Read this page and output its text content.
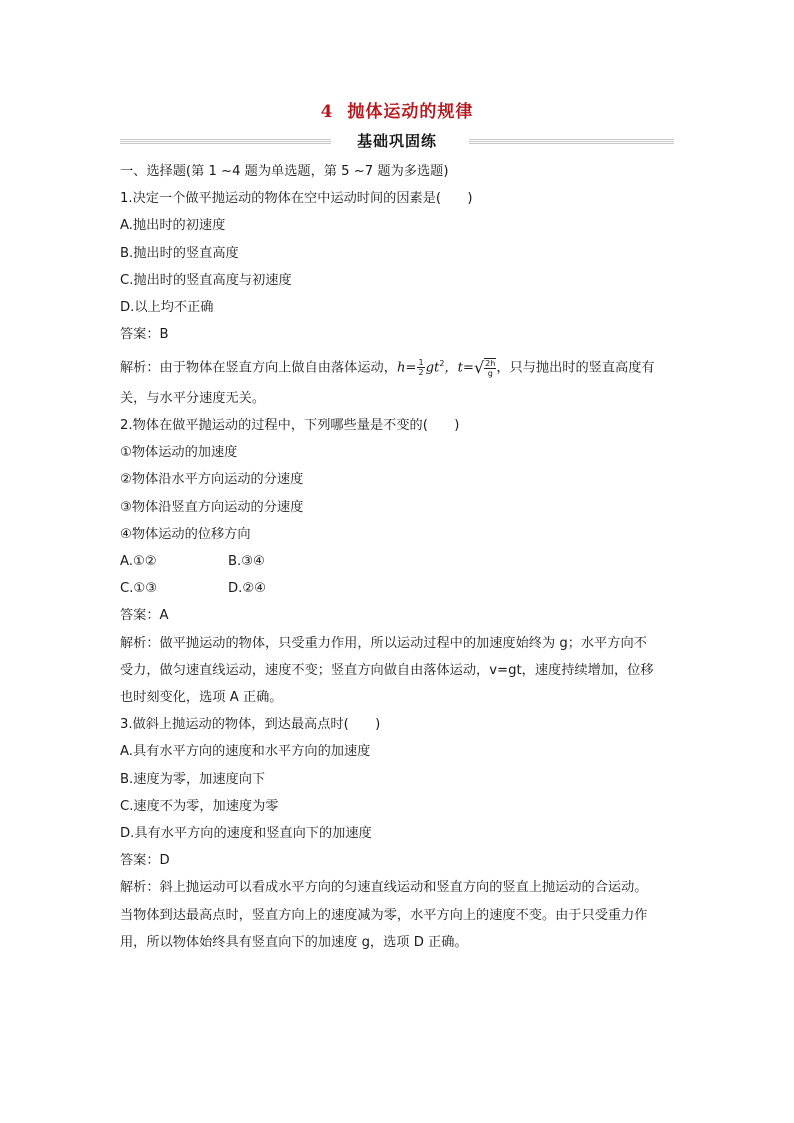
4 抛体运动的规律
基础巩固练
一、选择题(第 1 ~4 题为单选题，第 5 ~7 题为多选题)
1.决定一个做平抛运动的物体在空中运动时间的因素是(　　)
A.抛出时的初速度
B.抛出时的竖直高度
C.抛出时的竖直高度与初速度
D.以上均不正确
答案：B
解析：由于物体在竖直方向上做自由落体运动，$h= \frac{1}{2} gt^2$，$t=√ \frac{2h}{g}$ ，只与抛出时的竖直高度有
关，与水平分速度无关。
2.物体在做平抛运动的过程中，下列哪些量是不变的(　　)
①物体运动的加速度
②物体沿水平方向运动的分速度
③物体沿竖直方向运动的分速度
④物体运动的位移方向
A.①②	B.③④
C.①③	D.②④
答案：A
解析：做平抛运动的物体，只受重力作用，所以运动过程中的加速度始终为 g；水平方向不
受力，做匀速直线运动，速度不变；竖直方向做自由落体运动，v=gt，速度持续增加，位移
也时刻变化，选项 A 正确。
3.做斜上抛运动的物体，到达最高点时(　　)
A.具有水平方向的速度和水平方向的加速度
B.速度为零，加速度向下
C.速度不为零，加速度为零
D.具有水平方向的速度和竖直向下的加速度
答案：D
解析：斜上抛运动可以看成水平方向的匀速直线运动和竖直方向的竖直上抛运动的合运动。
当物体到达最高点时，竖直方向上的速度减为零，水平方向上的速度不变。由于只受重力作
用，所以物体始终具有竖直向下的加速度 g，选项 D 正确。
